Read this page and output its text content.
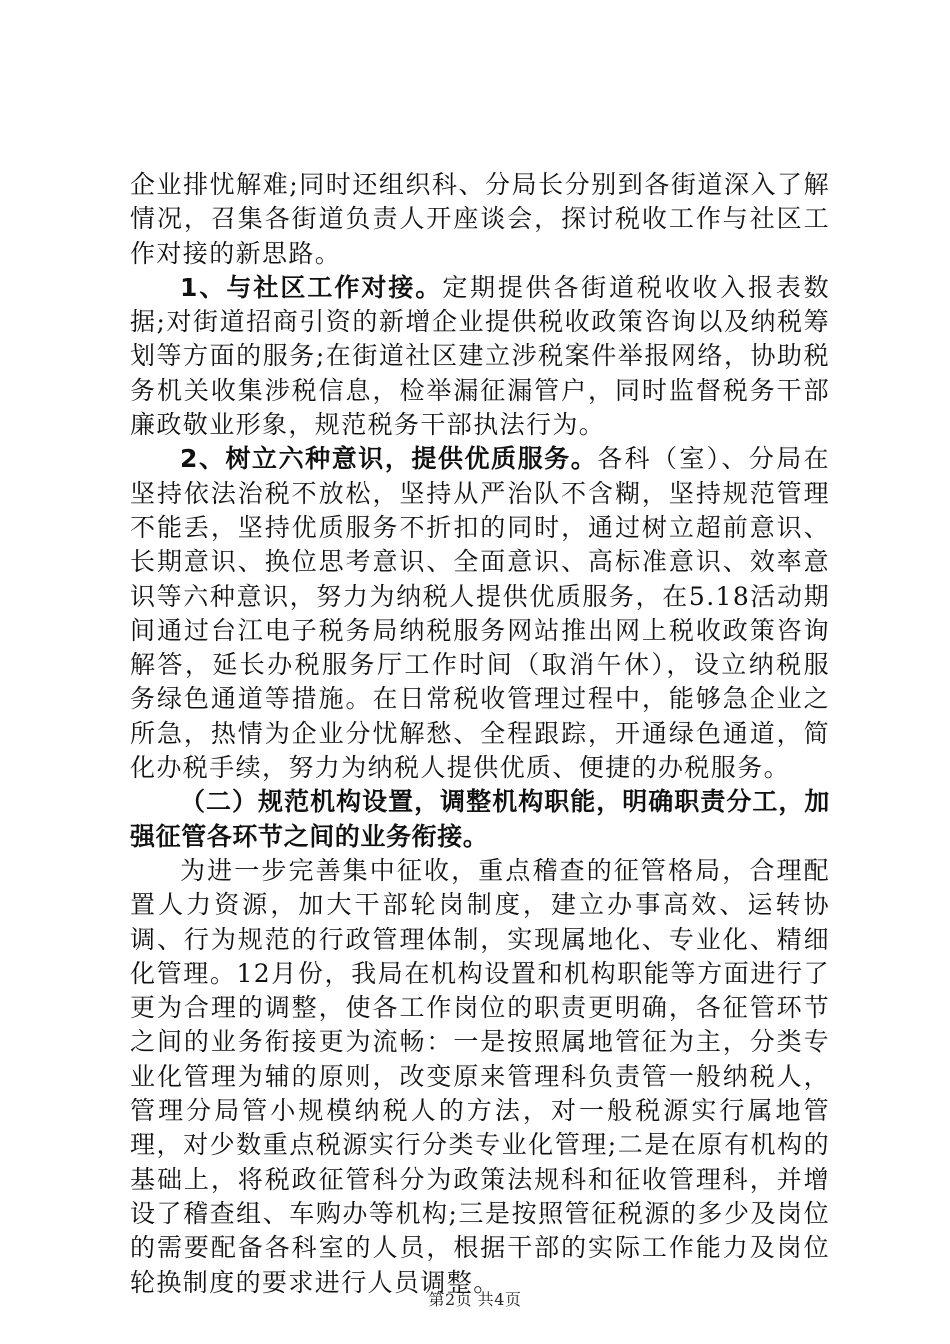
企业排忧解难;同时还组织科、分局长分别到各街道深入了解情况，召集各街道负责人开座谈会，探讨税收工作与社区工作对接的新思路。

1、与社区工作对接。定期提供各街道税收收入报表数据;对街道招商引资的新增企业提供税收政策咨询以及纳税筹划等方面的服务;在街道社区建立涉税案件举报网络，协助税务机关收集涉税信息，检举漏征漏管户，同时监督税务干部廉政敬业形象，规范税务干部执法行为。

2、树立六种意识，提供优质服务。各科（室）、分局在坚持依法治税不放松，坚持从严治队不含糊，坚持规范管理不能丢，坚持优质服务不折扣的同时，通过树立超前意识、长期意识、换位思考意识、全面意识、高标准意识、效率意识等六种意识，努力为纳税人提供优质服务，在5.18活动期间通过台江电子税务局纳税服务网站推出网上税收政策咨询解答，延长办税服务厅工作时间（取消午休），设立纳税服务绿色通道等措施。在日常税收管理过程中，能够急企业之所急，热情为企业分忧解愁、全程跟踪，开通绿色通道，简化办税手续，努力为纳税人提供优质、便捷的办税服务。

（二）规范机构设置，调整机构职能，明确职责分工，加强征管各环节之间的业务衔接。

为进一步完善集中征收，重点稽查的征管格局，合理配置人力资源，加大干部轮岗制度，建立办事高效、运转协调、行为规范的行政管理体制，实现属地化、专业化、精细化管理。12月份，我局在机构设置和机构职能等方面进行了更为合理的调整，使各工作岗位的职责更明确，各征管环节之间的业务衔接更为流畅：一是按照属地管征为主，分类专业化管理为辅的原则，改变原来管理科负责管一般纳税人，管理分局管小规模纳税人的方法，对一般税源实行属地管理，对少数重点税源实行分类专业化管理;二是在原有机构的基础上，将税政征管科分为政策法规科和征收管理科，并增设了稽查组、车购办等机构;三是按照管征税源的多少及岗位的需要配备各科室的人员，根据干部的实际工作能力及岗位轮换制度的要求进行人员调整。

第2页 共4页
